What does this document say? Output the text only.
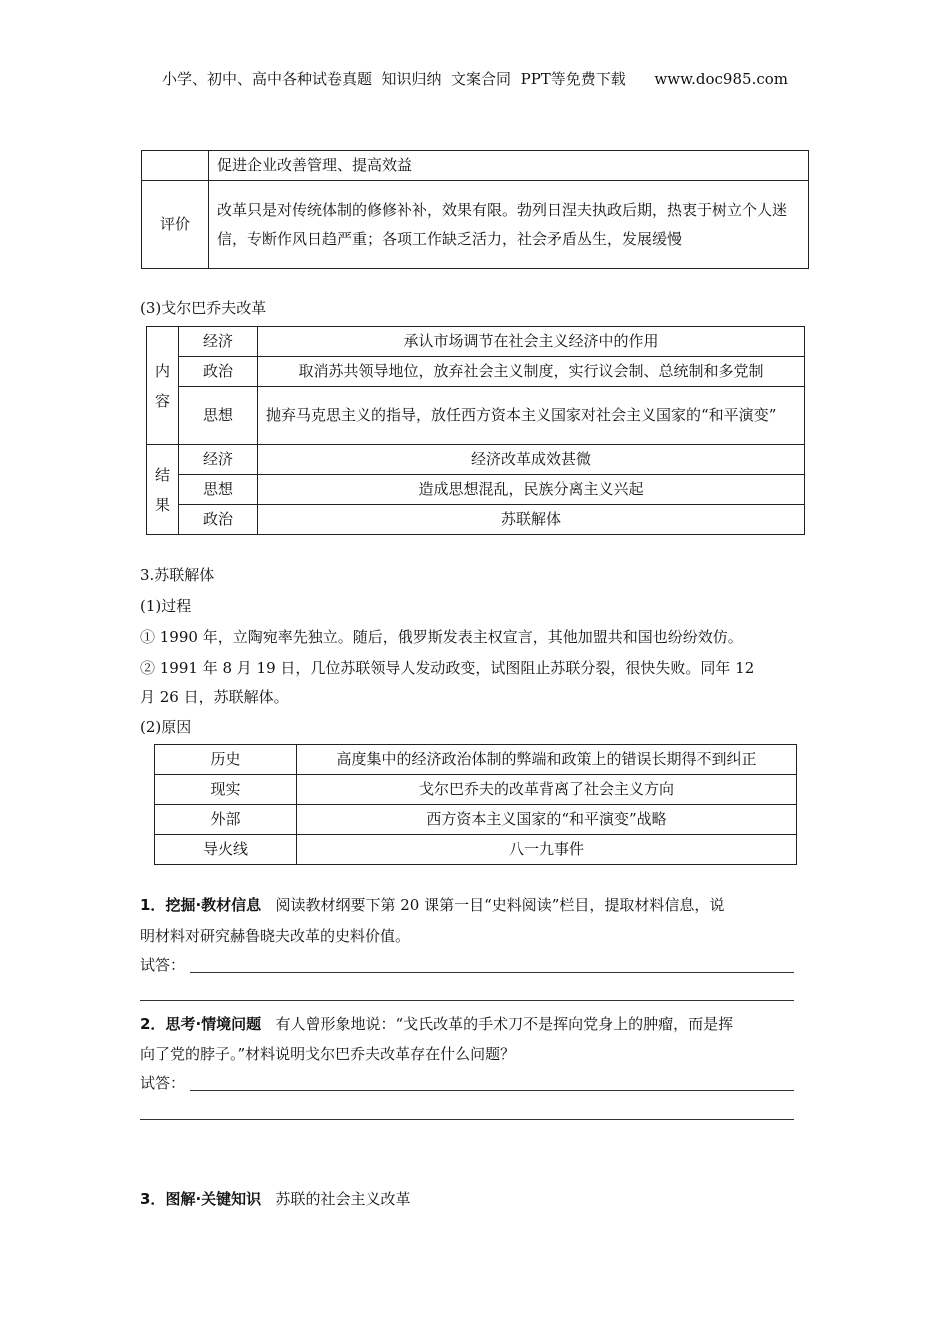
小学、初中、高中各种试卷真题  知识归纳  文案合同  PPT等免费下载      www.doc985.com
	促进企业改善管理、提高效益
评价	改革只是对传统体制的修修补补，效果有限。勃列日涅夫执政后期，热衷于树立个人迷信，专断作风日趋严重；各项工作缺乏活力，社会矛盾丛生，发展缓慢
(3)戈尔巴乔夫改革
内
容	经济	承认市场调节在社会主义经济中的作用
	政治	取消苏共领导地位，放弃社会主义制度，实行议会制、总统制和多党制
	思想	抛弃马克思主义的指导，放任西方资本主义国家对社会主义国家的“和平演变”

结
果	经济	经济改革成效甚微
	思想	造成思想混乱，民族分离主义兴起
	政治	苏联解体
3.苏联解体
(1)过程
① 1990 年，立陶宛率先独立。随后，俄罗斯发表主权宣言，其他加盟共和国也纷纷效仿。
② 1991 年 8 月 19 日，几位苏联领导人发动政变，试图阻止苏联分裂，很快失败。同年 12
月 26 日，苏联解体。
(2)原因
历史	高度集中的经济政治体制的弊端和政策上的错误长期得不到纠正
现实	戈尔巴乔夫的改革背离了社会主义方向
外部	西方资本主义国家的“和平演变”战略
导火线	八一九事件
1．挖掘·教材信息 阅读教材纲要下第 20 课第一目“史料阅读”栏目，提取材料信息，说
明材料对研究赫鲁晓夫改革的史料价值。
试答：
2．思考·情境问题 有人曾形象地说：“戈氏改革的手术刀不是挥向党身上的肿瘤，而是挥
向了党的脖子。”材料说明戈尔巴乔夫改革存在什么问题？
试答：
3．图解·关键知识 苏联的社会主义改革
